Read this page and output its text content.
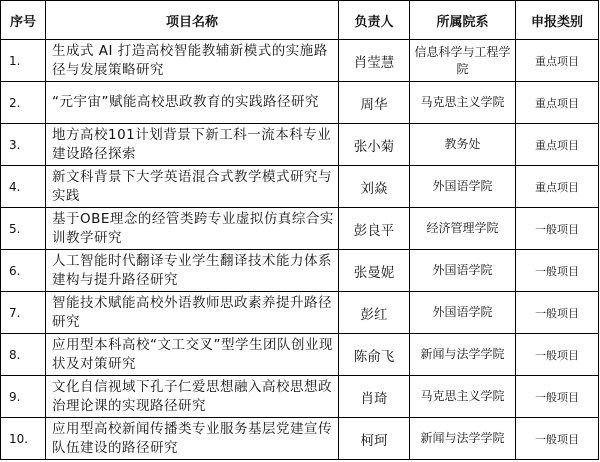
序号	项目名称	负责人	所属院系	申报类别
1.	生成式 AI 打造高校智能教辅新模式的实施路径与发展策略研究	肖莹慧	信息科学与工程学院	重点项目
2.	“元宇宙”赋能高校思政教育的实践路径研究	周华	马克思主义学院	重点项目
3.	地方高校101计划背景下新工科一流本科专业建设路径探索	张小菊	教务处	重点项目
4.	新文科背景下大学英语混合式教学模式研究与实践	刘焱	外国语学院	重点项目
5.	基于OBE理念的经管类跨专业虚拟仿真综合实训教学研究	彭良平	经济管理学院	一般项目
6.	人工智能时代翻译专业学生翻译技术能力体系建构与提升路径研究	张曼妮	外国语学院	一般项目
7.	智能技术赋能高校外语教师思政素养提升路径研究	彭红	外国语学院	一般项目
8.	应用型本科高校“文工交叉”型学生团队创业现状及对策研究	陈俞飞	新闻与法学学院	一般项目
9.	文化自信视域下孔子仁爱思想融入高校思想政治理论课的实现路径研究	肖琦	马克思主义学院	一般项目
10.	应用型高校新闻传播类专业服务基层党建宣传队伍建设的路径研究	柯珂	新闻与法学学院	一般项目
